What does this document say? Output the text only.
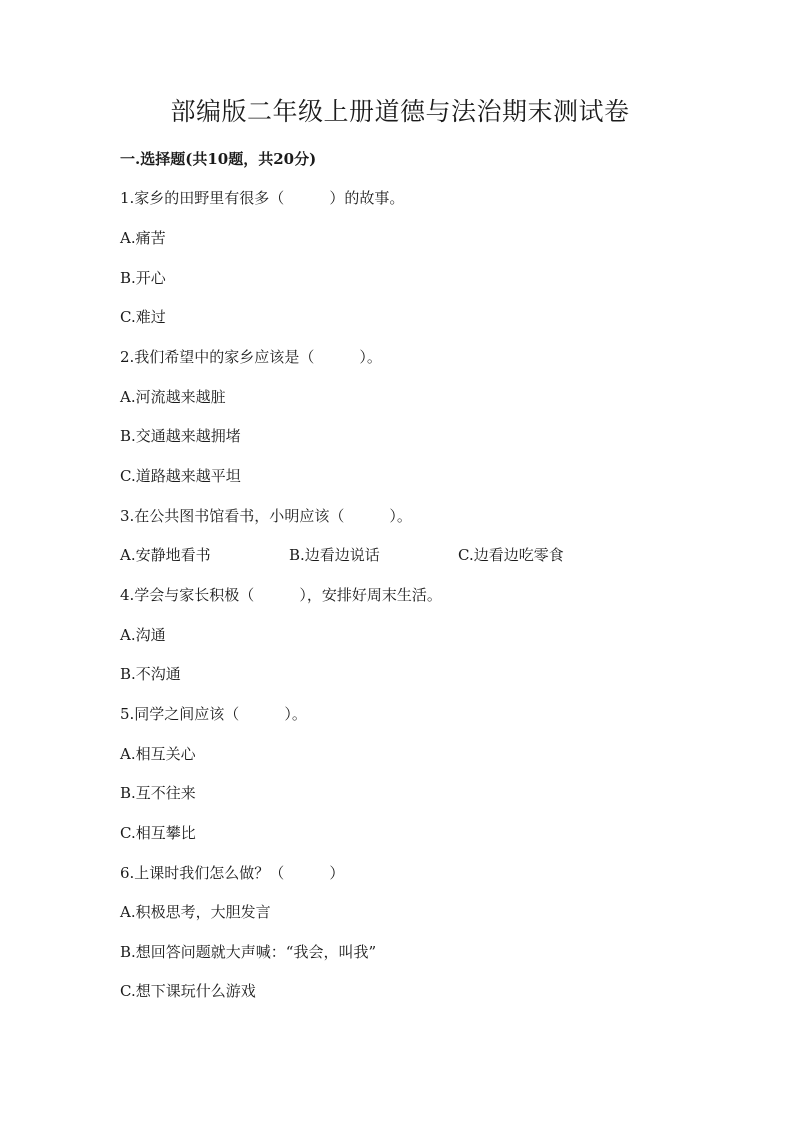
部编版二年级上册道德与法治期末测试卷
一.选择题(共10题，共20分)
1.家乡的田野里有很多（　　　）的故事。
A.痛苦
B.开心
C.难过
2.我们希望中的家乡应该是（　　　）。
A.河流越来越脏
B.交通越来越拥堵
C.道路越来越平坦
3.在公共图书馆看书，小明应该（　　　）。
A.安静地看书	B.边看边说话	C.边看边吃零食
4.学会与家长积极（　　　），安排好周末生活。
A.沟通
B.不沟通
5.同学之间应该（　　　）。
A.相互关心
B.互不往来
C.相互攀比
6.上课时我们怎么做？（　　　）
A.积极思考，大胆发言
B.想回答问题就大声喊：“我会，叫我”
C.想下课玩什么游戏
